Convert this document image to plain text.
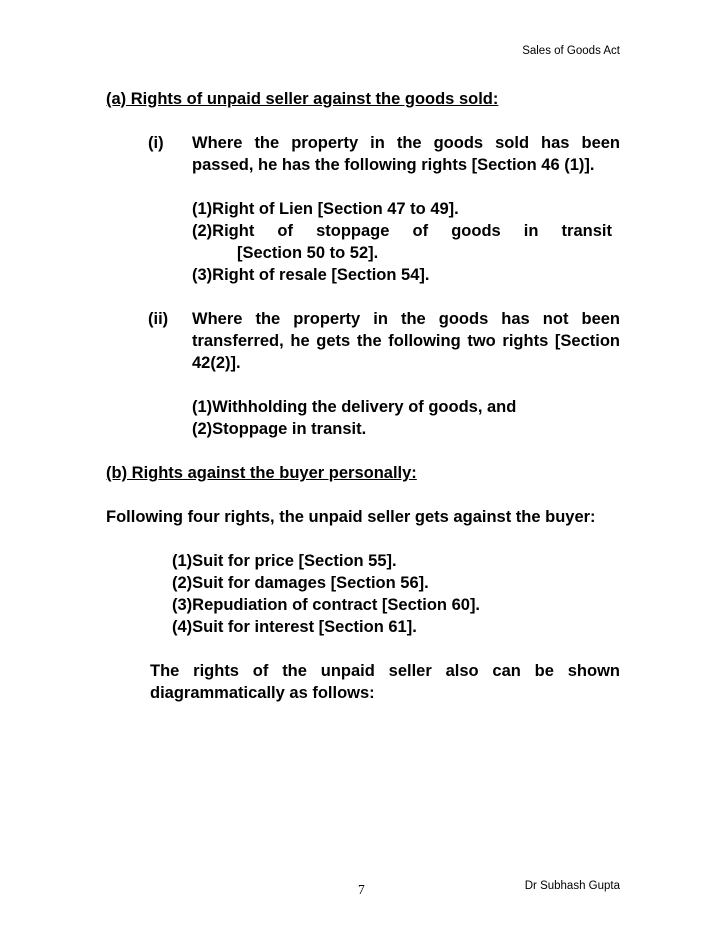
Sales of Goods Act

(a) Rights of unpaid seller against the goods sold:

(i) Where the property in the goods sold has been passed, he has the following rights [Section 46 (1)].

(1)Right of Lien [Section 47 to 49].
(2)Right of stoppage of goods in transit
[Section 50 to 52].
(3)Right of resale [Section 54].
(ii) Where the property in the goods has not been transferred, he gets the following two rights [Section 42(2)].

(1)Withholding the delivery of goods, and
(2)Stoppage in transit.

(b) Rights against the buyer personally:

Following four rights, the unpaid seller gets against the buyer:

(1)Suit for price [Section 55].
(2)Suit for damages [Section 56].
(3)Repudiation of contract [Section 60].
(4)Suit for interest [Section 61].

The rights of the unpaid seller also can be shown diagrammatically as follows:

7	Dr Subhash Gupta
